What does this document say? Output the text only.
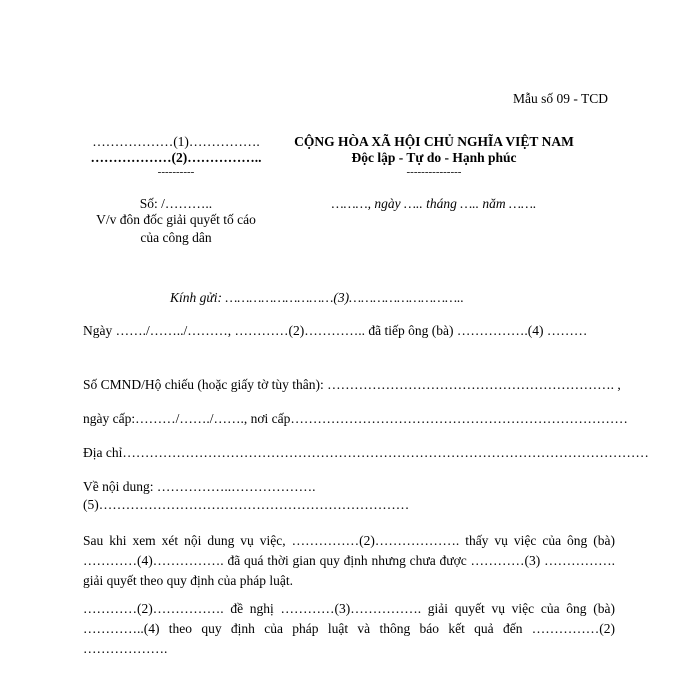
Mẫu số 09 - TCD
………………(1)…………….
………………(2)……………..
----------
CỘNG HÒA XÃ HỘI CHỦ NGHĨA VIỆT NAM
Độc lập - Tự do - Hạnh phúc
---------------
Số: /………..
V/v đôn đốc giải quyết tố cáo
của công dân
………, ngày ….. tháng ….. năm …….
Kính gửi: ………………………(3)………………………..
Ngày ……./……../………, …………(2)………….. đã tiếp ông (bà) …………….(4) ………
Số CMND/Hộ chiếu (hoặc giấy tờ tùy thân): ………………………………………………………. ,
ngày cấp:………/……./……., nơi cấp…………………………………………………………………
Địa chỉ………………………………………………………………………………………………………
Về nội dung: ……………..……………….
(5)……………………………………………………………
Sau khi xem xét nội dung vụ việc, ……………(2)………………. thấy vụ việc của ông (bà) …………(4)……………. đã quá thời gian quy định nhưng chưa được …………(3) ……………. giải quyết theo quy định của pháp luật.
…………(2)……………. đề nghị …………(3)……………. giải quyết vụ việc của ông (bà) …………..(4) theo quy định của pháp luật và thông báo kết quả đến ……………(2) ……………….
